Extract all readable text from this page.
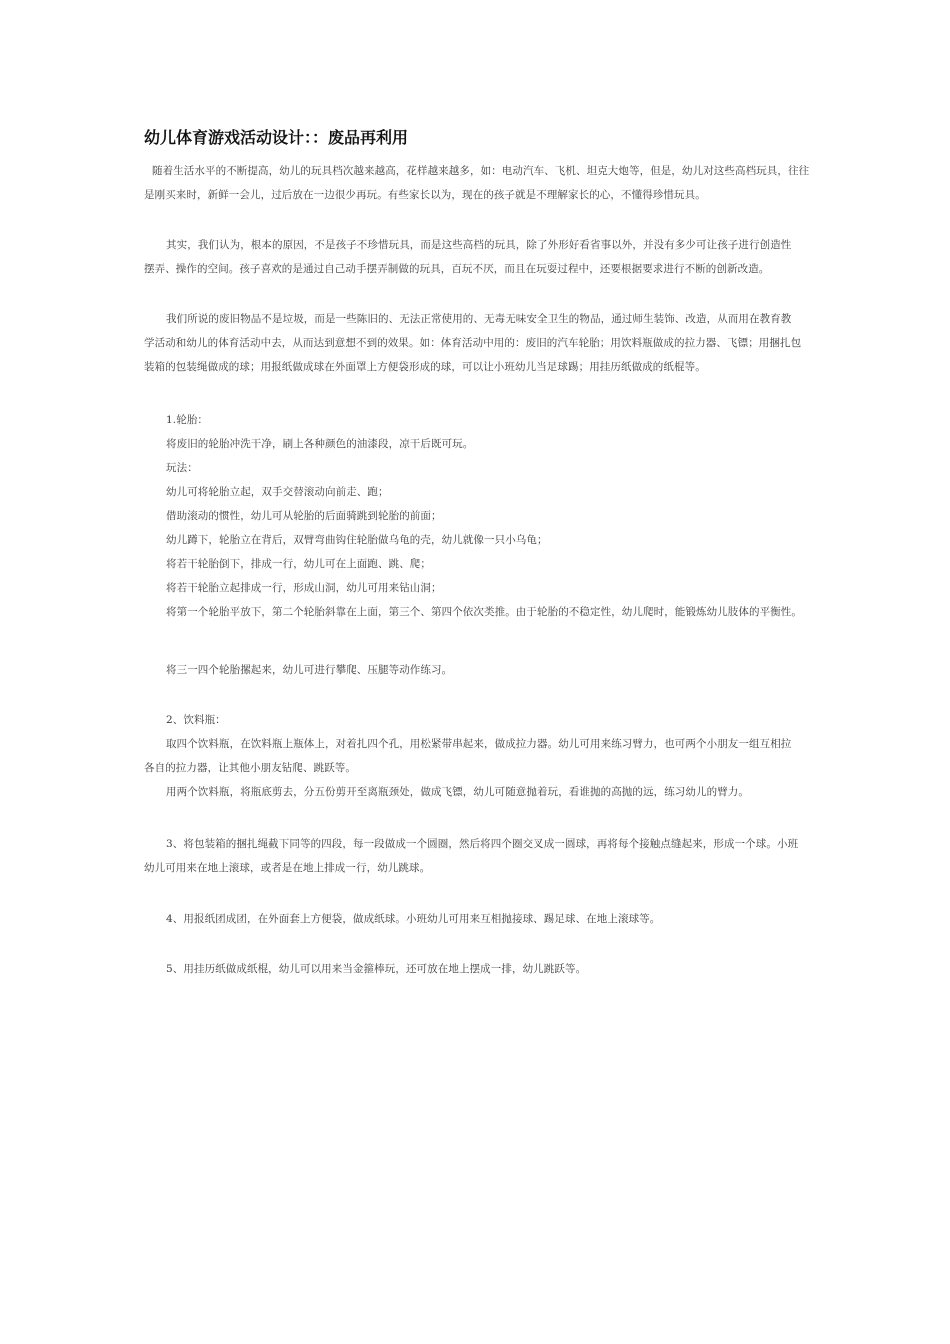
幼儿体育游戏活动设计：：废品再利用
随着生活水平的不断提高，幼儿的玩具档次越来越高，花样越来越多，如：电动汽车、飞机、坦克大炮等，但是，幼儿对这些高档玩具，往往
是刚买来时，新鲜一会儿，过后放在一边很少再玩。有些家长以为，现在的孩子就是不理解家长的心，不懂得珍惜玩具。
其实，我们认为，根本的原因，不是孩子不珍惜玩具，而是这些高档的玩具，除了外形好看省事以外，并没有多少可让孩子进行创造性
摆弄、操作的空间。孩子喜欢的是通过自己动手摆弄制做的玩具，百玩不厌，而且在玩耍过程中，还要根据要求进行不断的创新改造。
我们所说的废旧物品不是垃圾，而是一些陈旧的、无法正常使用的、无毒无味安全卫生的物品，通过师生装饰、改造，从而用在教育教
学活动和幼儿的体育活动中去，从而达到意想不到的效果。如：体育活动中用的：废旧的汽车轮胎；用饮料瓶做成的拉力器、飞镖；用捆扎包
装箱的包装绳做成的球；用报纸做成球在外面罩上方便袋形成的球，可以让小班幼儿当足球踢；用挂历纸做成的纸棍等。
1.轮胎：
将废旧的轮胎冲洗干净，刷上各种颜色的油漆段，凉干后既可玩。
玩法：
幼儿可将轮胎立起，双手交替滚动向前走、跑；
借助滚动的惯性，幼儿可从轮胎的后面骑跳到轮胎的前面；
幼儿蹲下，轮胎立在背后，双臂弯曲钩住轮胎做乌龟的壳，幼儿就像一只小乌龟；
将若干轮胎倒下，排成一行，幼儿可在上面跑、跳、爬；
将若干轮胎立起排成一行，形成山洞，幼儿可用来钻山洞；
将第一个轮胎平放下，第二个轮胎斜靠在上面，第三个、第四个依次类推。由于轮胎的不稳定性，幼儿爬时，能锻炼幼儿肢体的平衡性。
将三一四个轮胎摞起来，幼儿可进行攀爬、压腿等动作练习。
2、饮料瓶：
取四个饮料瓶，在饮料瓶上瓶体上，对着扎四个孔，用松紧带串起来，做成拉力器。幼儿可用来练习臂力，也可两个小朋友一组互相拉
各自的拉力器，让其他小朋友钻爬、跳跃等。
用两个饮料瓶，将瓶底剪去，分五份剪开至离瓶颈处，做成飞镖，幼儿可随意抛着玩，看谁抛的高抛的远，练习幼儿的臂力。
3、将包装箱的捆扎绳截下同等的四段，每一段做成一个圆圈，然后将四个圈交叉成一圆球，再将每个接触点缝起来，形成一个球。小班
幼儿可用来在地上滚球，或者是在地上排成一行，幼儿跳球。
4、用报纸团成团，在外面套上方便袋，做成纸球。小班幼儿可用来互相抛接球、踢足球、在地上滚球等。
5、用挂历纸做成纸棍，幼儿可以用来当金箍棒玩，还可放在地上摆成一排，幼儿跳跃等。
